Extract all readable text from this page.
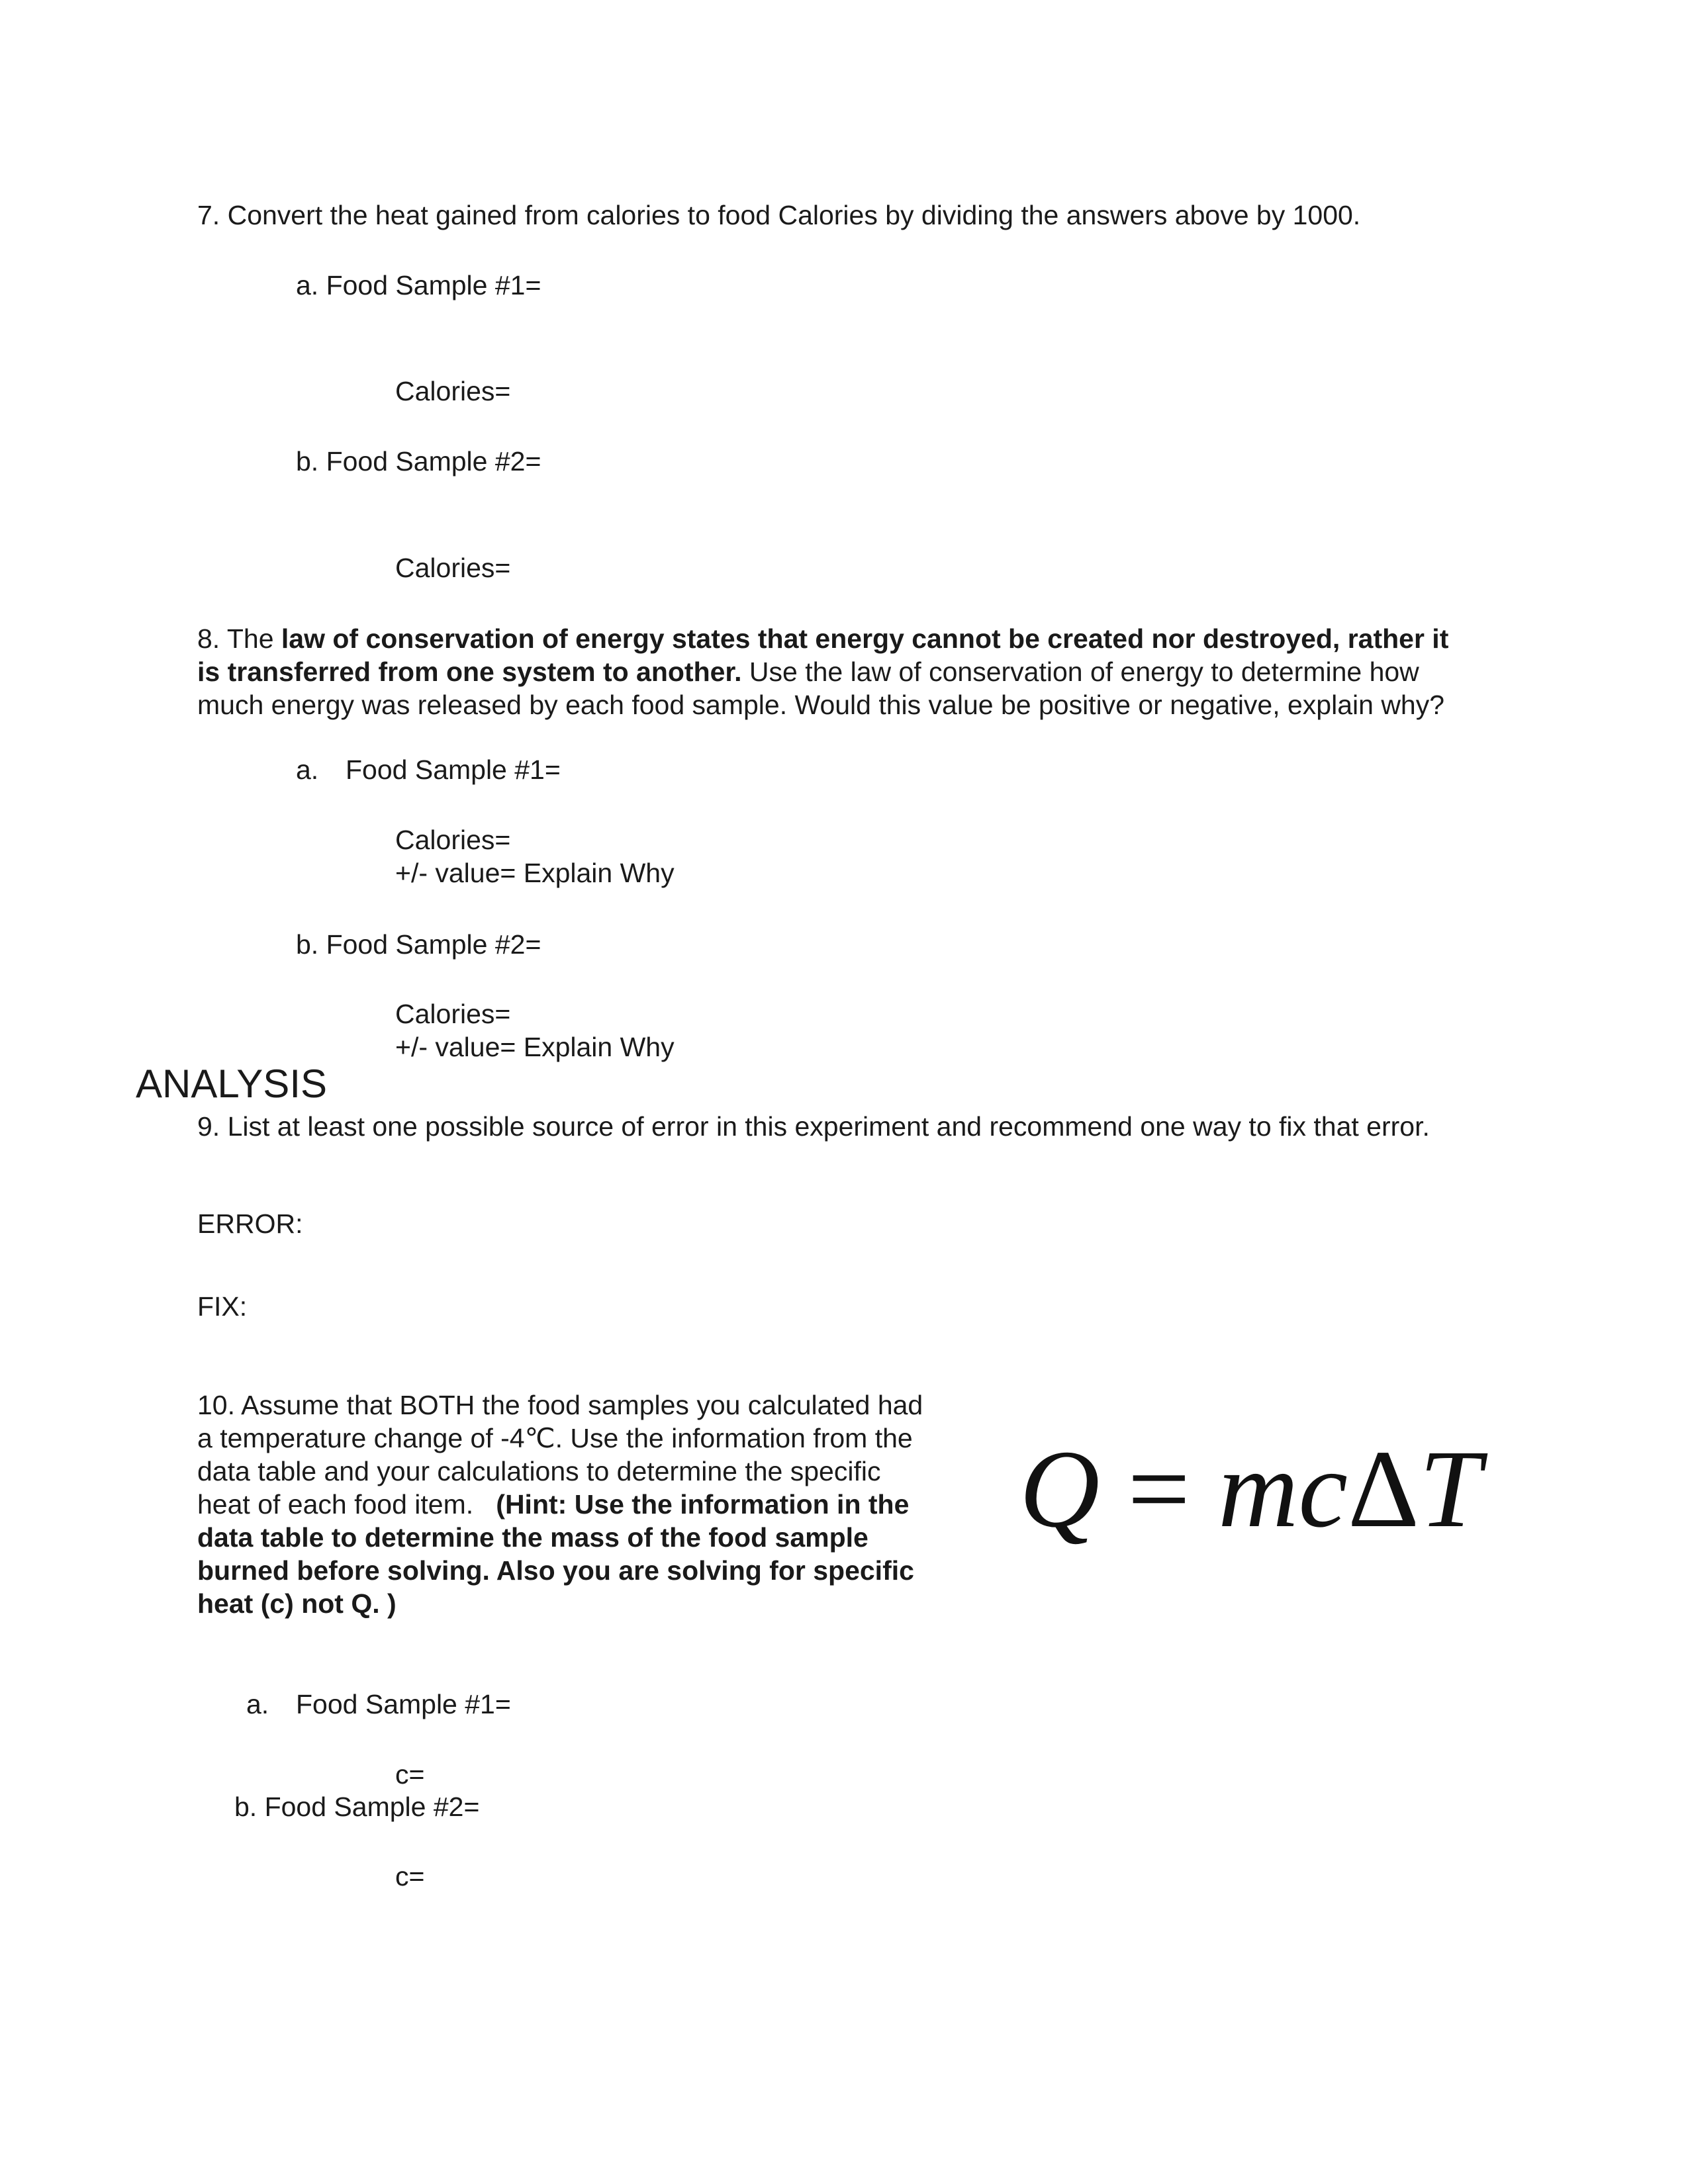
7. Convert the heat gained from calories to food Calories by dividing the answers above by 1000.

a. Food Sample #1=

Calories=

b. Food Sample #2=

Calories=

8. The law of conservation of energy states that energy cannot be created nor destroyed, rather it is transferred from one system to another. Use the law of conservation of energy to determine how much energy was released by each food sample. Would this value be positive or negative, explain why?

a. Food Sample #1=

Calories=

+/- value= Explain Why

b. Food Sample #2=

Calories=

+/- value= Explain Why

ANALYSIS

9. List at least one possible source of error in this experiment and recommend one way to fix that error.

ERROR:

FIX:

10. Assume that BOTH the food samples you calculated had a temperature change of -4℃. Use the information from the data table and your calculations to determine the specific heat of each food item. (Hint: Use the information in the data table to determine the mass of the food sample burned before solving. Also you are solving for specific heat (c) not Q. )

Q = mcΔT

a. Food Sample #1=

c=

b. Food Sample #2=

c=
